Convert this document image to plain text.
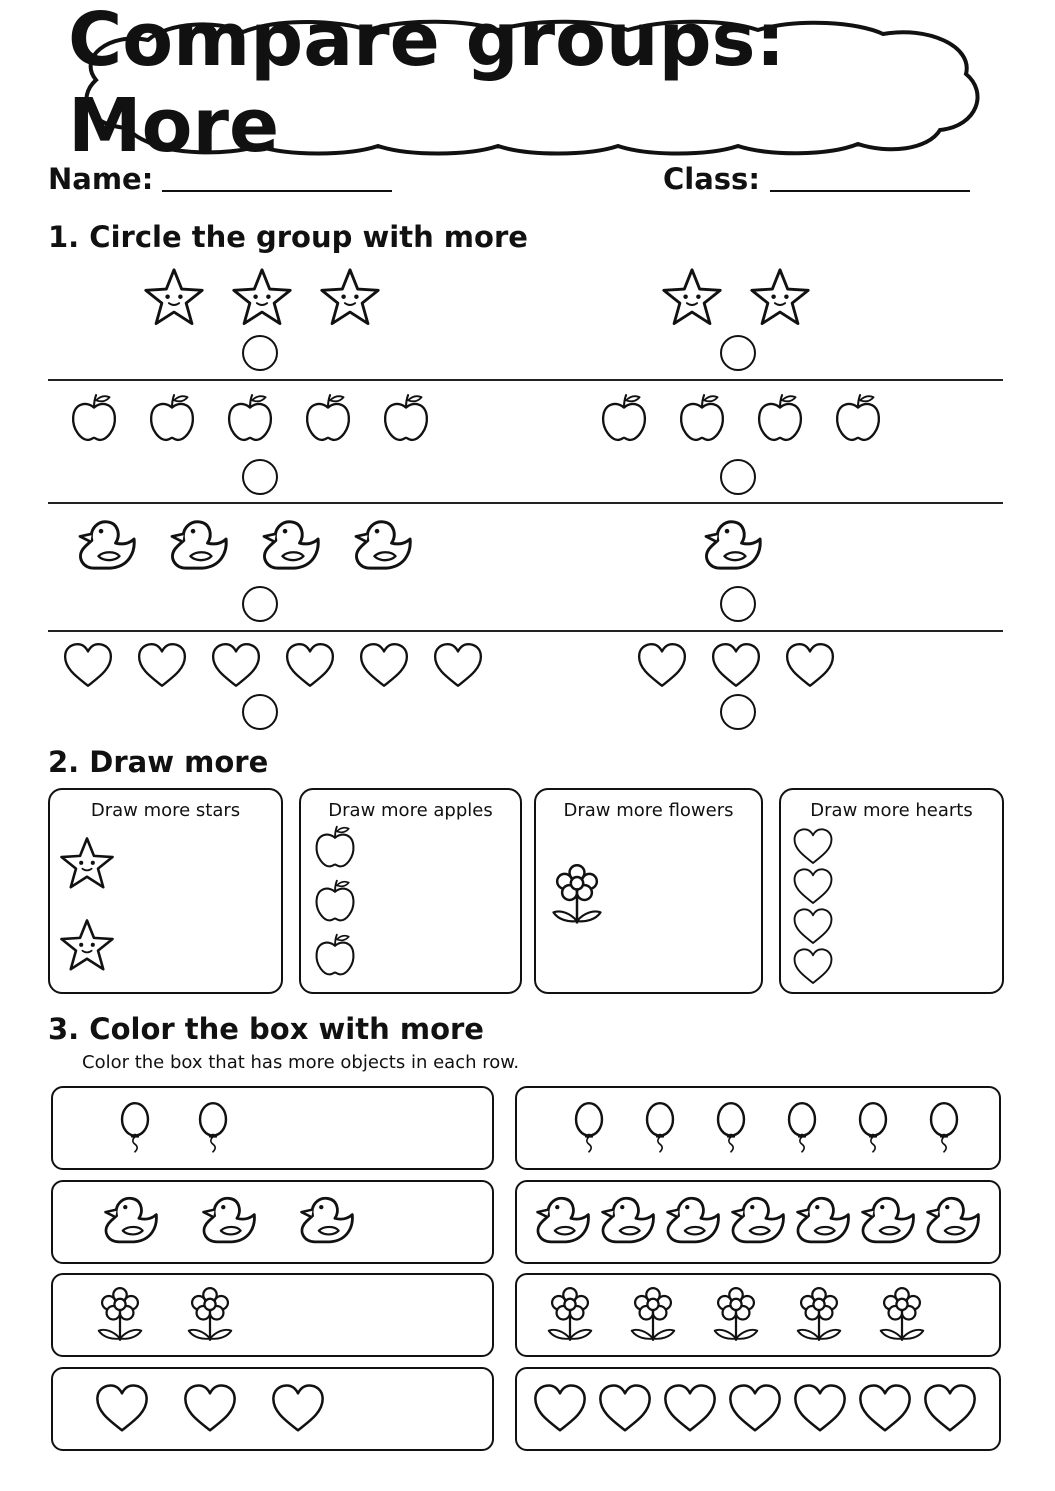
Compare groups: More
Name:	Class:
1. Circle the group with more
2. Draw more
Draw more stars	Draw more apples	Draw more flowers	Draw more hearts
3. Color the box with more
Color the box that has more objects in each row.
